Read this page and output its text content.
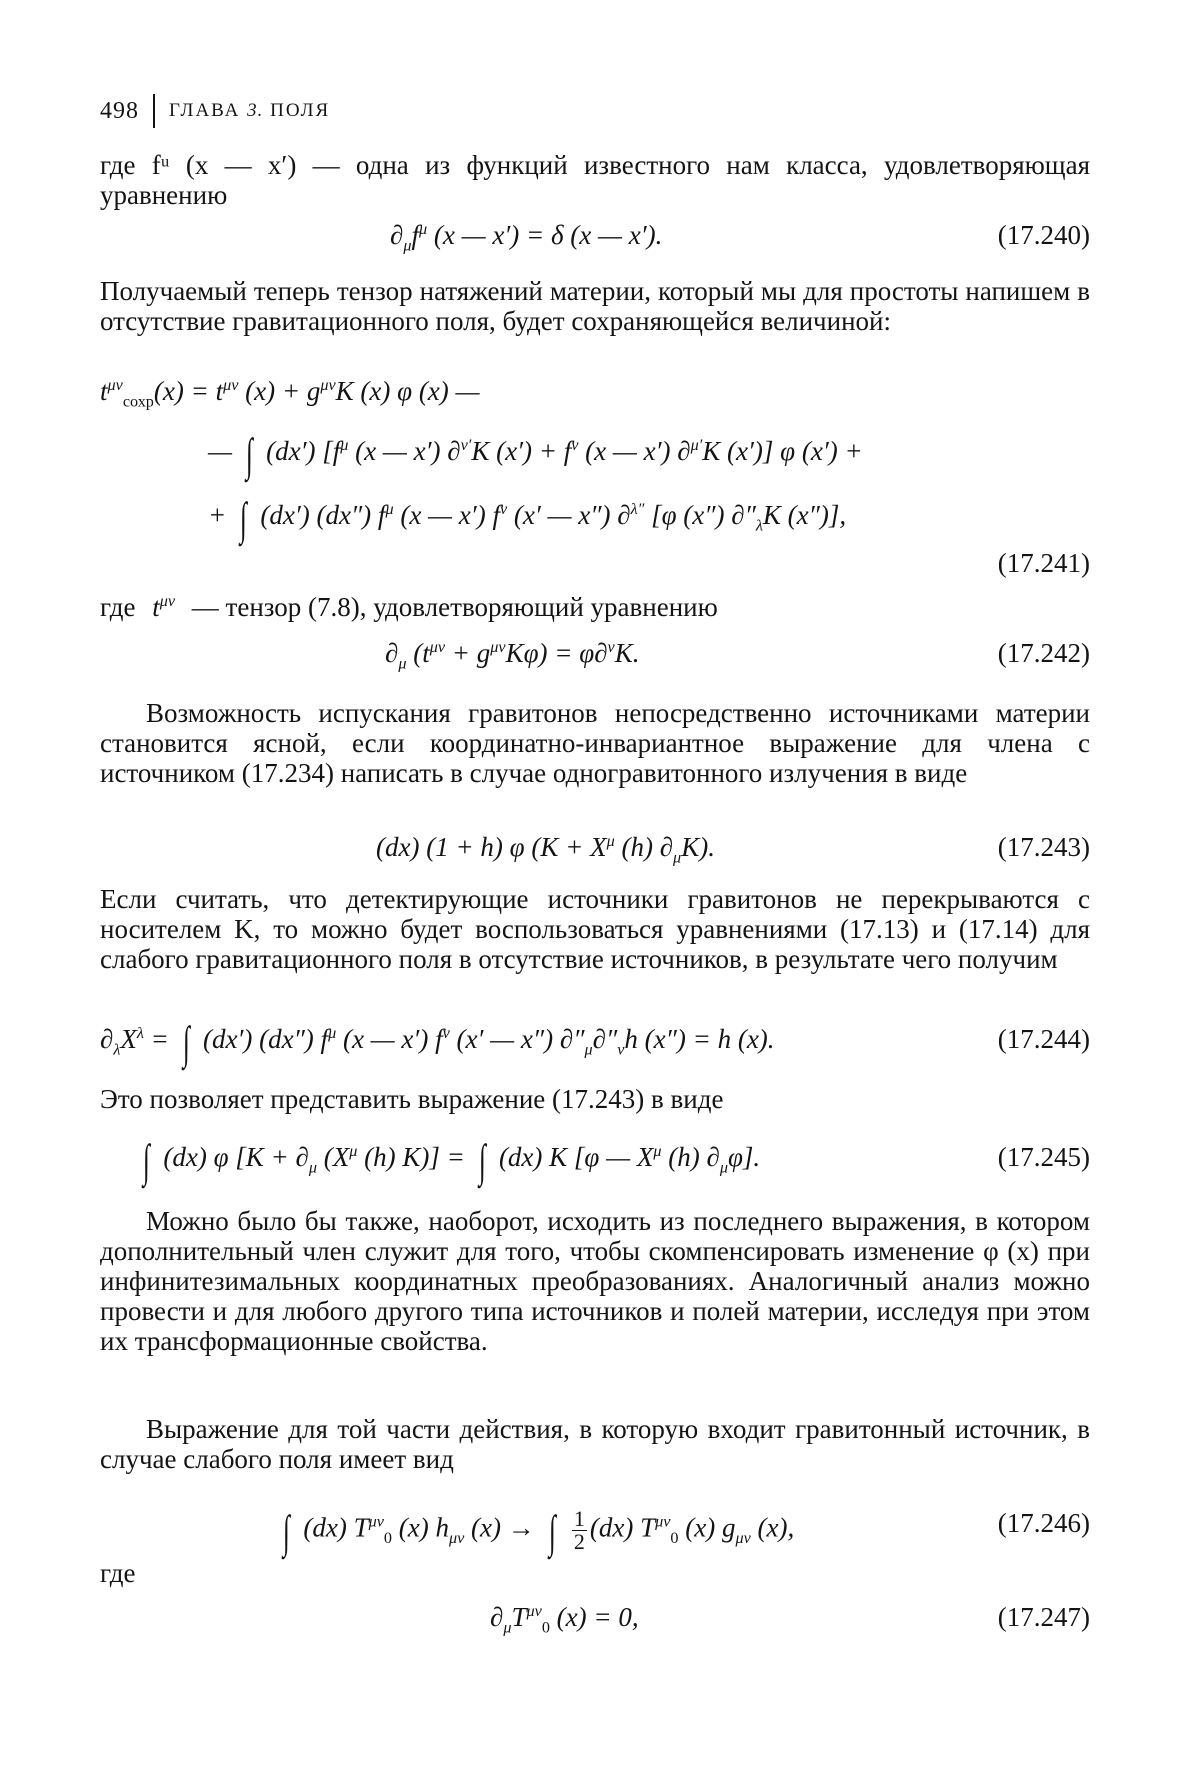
498 ГЛАВА 3. ПОЛЯ
где fᵘ (x — x′) — одна из функций известного нам класса, удовлетворяющая уравнению
$\partial_\mu f^\mu$ (x — x′) = δ (x — x′).	(17.240)
Получаемый теперь тензор натяжений материи, который мы для простоты напишем в отсутствие гравитационного поля, будет сохраняющейся величиной:
$t^{\mu\nu}_{сохр}(x) = t^{\mu\nu}$ $(x) + g^{\mu\nu}K$ (x) φ (x) —
— ∫ (dx′) [$f^\mu$ (x — x′) ∂$^{\nu'}$K $(x') + f^\nu$ (x — x′) ∂$^{\mu'}$K (x′)] φ (x′) +
+ ∫ (dx′) (dx″) $f^\mu$ (x — x′) $f^\nu$ (x′ — x″) ∂$^{\lambda''}$ [φ (x″) $\partial''_\lambda K$ (x″)],
(17.241)
где $t^{\mu\nu}$ — тензор (7.8), удовлетворяющий уравнению
$\partial_\mu$ $(t^{\mu\nu} + g^{\mu\nu}K\varphi) = \varphi\partial^\nu K$.	(17.242)
Возможность испускания гравитонов непосредственно источниками материи становится ясной, если координатно-инвариантное выражение для члена с источником (17.234) написать в случае одногравитонного излучения в виде
(dx) (1 + h) φ ($K + X^\mu$ (h) $\partial_\mu K$).	(17.243)
Если считать, что детектирующие источники гравитонов не перекрываются с носителем K, то можно будет воспользоваться уравнениями (17.13) и (17.14) для слабого гравитационного поля в отсутствие источников, в результате чего получим
$\partial_\lambda X^\lambda$ = ∫ (dx′) (dx″) $f^\mu$ (x — x′) $f^\nu$ (x′ — x″) $\partial''_\mu\partial''_\nu h$ (x″) = h (x).	(17.244)
Это позволяет представить выражение (17.243) в виде
∫ (dx) φ [$K + \partial_\mu$ ($X^\mu$ (h) K)] = ∫ (dx) K [φ — $X^\mu$ (h) $\partial_\mu\varphi$].	(17.245)
Можно было бы также, наоборот, исходить из последнего выражения, в котором дополнительный член служит для того, чтобы скомпенсировать изменение φ (x) при инфинитезимальных координатных преобразованиях. Аналогичный анализ можно провести и для любого другого типа источников и полей материи, исследуя при этом их трансформационные свойства.
Выражение для той части действия, в которую входит гравитонный источник, в случае слабого поля имеет вид
∫ (dx) $T^{\mu\nu}_0$ (x) $h_{\mu\nu}$ (x) → ∫ $\frac{1}{2} (dx)$ $T^{\mu\nu}_0$ (x) $g_{\mu\nu}$ (x),	(17.246)
где
$\partial_\mu T^{\mu\nu}_0$ (x) = 0,	(17.247)
